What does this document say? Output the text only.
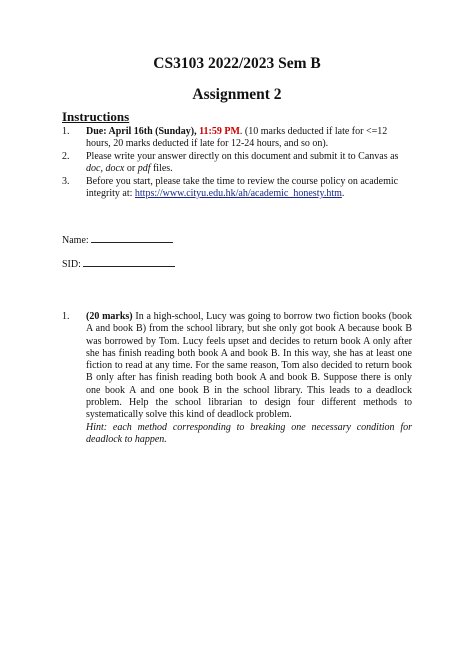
CS3103 2022/2023 Sem B
Assignment 2
Instructions
1. Due: April 16th (Sunday), 11:59 PM. (10 marks deducted if late for <=12 hours, 20 marks deducted if late for 12-24 hours, and so on).
2. Please write your answer directly on this document and submit it to Canvas as doc, docx or pdf files.
3. Before you start, please take the time to review the course policy on academic integrity at: https://www.cityu.edu.hk/ah/academic_honesty.htm.
Name:
SID:
1.	(20 marks) In a high-school, Lucy was going to borrow two fiction books (book A and book B) from the school library, but she only got book A because book B was borrowed by Tom. Lucy feels upset and decides to return book A only after she has finish reading both book A and book B. In this way, she has at least one fiction to read at any time. For the same reason, Tom also decided to return book B only after has finish reading both book A and book B. Suppose there is only one book A and one book B in the school library. This leads to a deadlock problem. Help the school librarian to design four different methods to systematically solve this kind of deadlock problem.
Hint: each method corresponding to breaking one necessary condition for deadlock to happen.
